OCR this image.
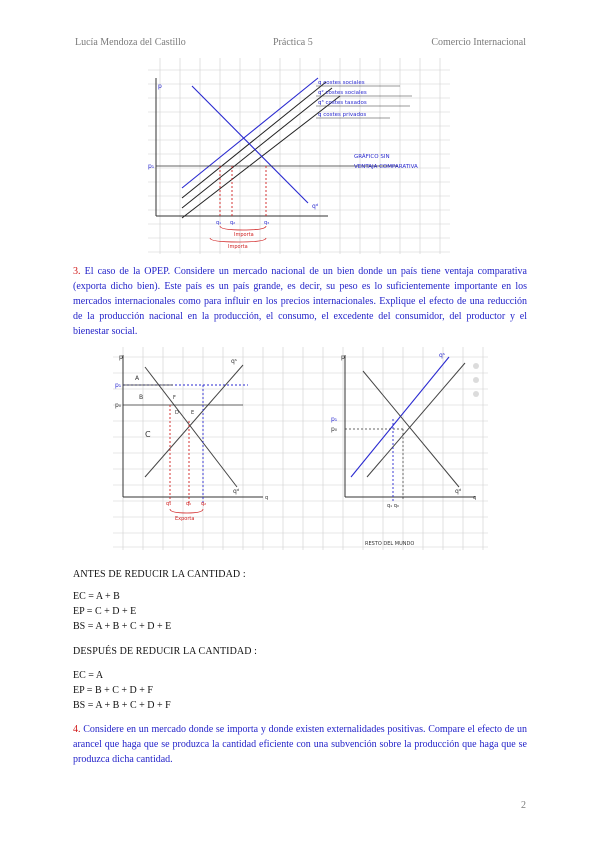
Lucía Mendoza del Castillo	Práctica 5	Comercio Internacional
p
p₁
qᵈ
q costes sociales
q² costes sociales
q³ costes taxados
q costes privados
GRÁFICO SIN
VENTAJA COMPARATIVA
q₁ q₂	q₃
Importa
Importa
3. El caso de la OPEP. Considere un mercado nacional de un bien donde un país tiene ventaja comparativa (exporta dicho bien). Este país es un país grande, es decir, su peso es lo suficientemente importante en los mercados internacionales como para influir en los precios internacionales. Explique el efecto de una reducción de la producción nacional en la producción, el consumo, el excedente del consumidor, del productor y el bienestar social.
p
p₁
p₀
A
B
C
D E
F
qˢ
qᵈ
q
q₁	q₀ q₂
Exporta
p
p₁
p₀
qˢ
qᵈ
q₁ q₀
q
RESTO DEL MUNDO
ANTES DE REDUCIR LA CANTIDAD :
EC = A + B
EP = C + D + E
BS = A + B + C + D + E
DESPUÉS DE REDUCIR LA CANTIDAD :
EC = A
EP = B + C + D + F
BS = A + B + C + D + F
4. Considere en un mercado donde se importa y donde existen externalidades positivas. Compare el efecto de un arancel que haga que se produzca la cantidad eficiente con una subvención sobre la producción que haga que se produzca dicha cantidad.
2
